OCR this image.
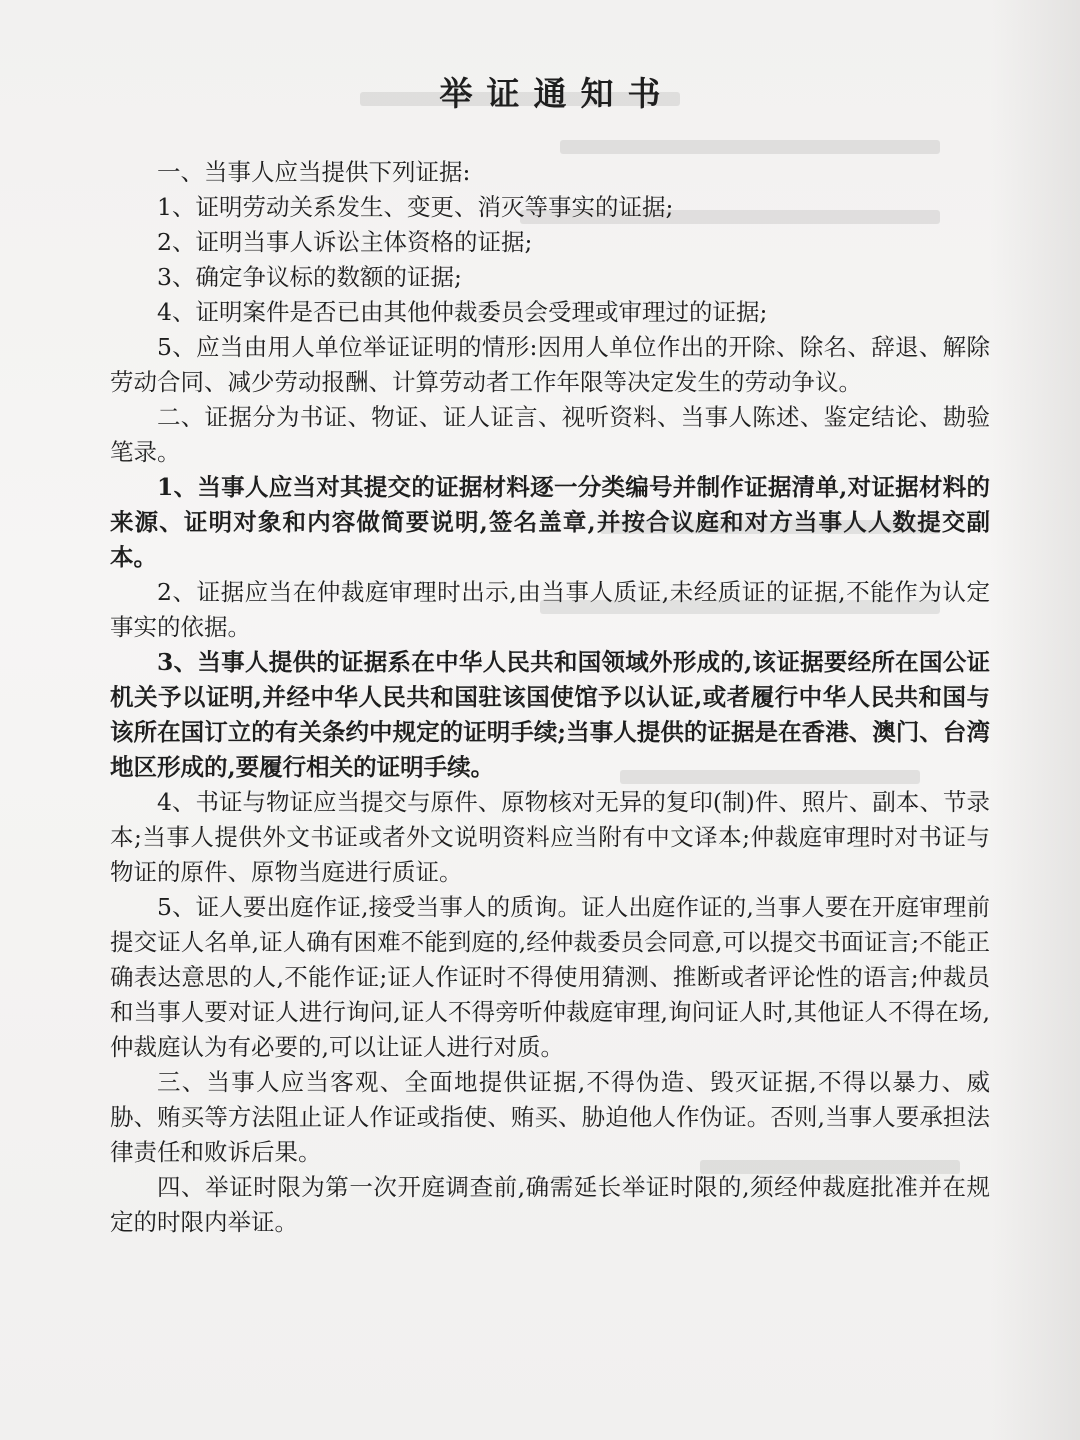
举证通知书

一、当事人应当提供下列证据:

1、证明劳动关系发生、变更、消灭等事实的证据;

2、证明当事人诉讼主体资格的证据;

3、确定争议标的数额的证据;

4、证明案件是否已由其他仲裁委员会受理或审理过的证据;

5、应当由用人单位举证证明的情形:因用人单位作出的开除、除名、辞退、解除劳动合同、减少劳动报酬、计算劳动者工作年限等决定发生的劳动争议。

二、证据分为书证、物证、证人证言、视听资料、当事人陈述、鉴定结论、勘验笔录。

1、当事人应当对其提交的证据材料逐一分类编号并制作证据清单,对证据材料的来源、证明对象和内容做简要说明,签名盖章,并按合议庭和对方当事人人数提交副本。

2、证据应当在仲裁庭审理时出示,由当事人质证,未经质证的证据,不能作为认定事实的依据。

3、当事人提供的证据系在中华人民共和国领域外形成的,该证据要经所在国公证机关予以证明,并经中华人民共和国驻该国使馆予以认证,或者履行中华人民共和国与该所在国订立的有关条约中规定的证明手续;当事人提供的证据是在香港、澳门、台湾地区形成的,要履行相关的证明手续。

4、书证与物证应当提交与原件、原物核对无异的复印(制)件、照片、副本、节录本;当事人提供外文书证或者外文说明资料应当附有中文译本;仲裁庭审理时对书证与物证的原件、原物当庭进行质证。

5、证人要出庭作证,接受当事人的质询。证人出庭作证的,当事人要在开庭审理前提交证人名单,证人确有困难不能到庭的,经仲裁委员会同意,可以提交书面证言;不能正确表达意思的人,不能作证;证人作证时不得使用猜测、推断或者评论性的语言;仲裁员和当事人要对证人进行询问,证人不得旁听仲裁庭审理,询问证人时,其他证人不得在场,仲裁庭认为有必要的,可以让证人进行对质。

三、当事人应当客观、全面地提供证据,不得伪造、毁灭证据,不得以暴力、威胁、贿买等方法阻止证人作证或指使、贿买、胁迫他人作伪证。否则,当事人要承担法律责任和败诉后果。

四、举证时限为第一次开庭调查前,确需延长举证时限的,须经仲裁庭批准并在规定的时限内举证。
